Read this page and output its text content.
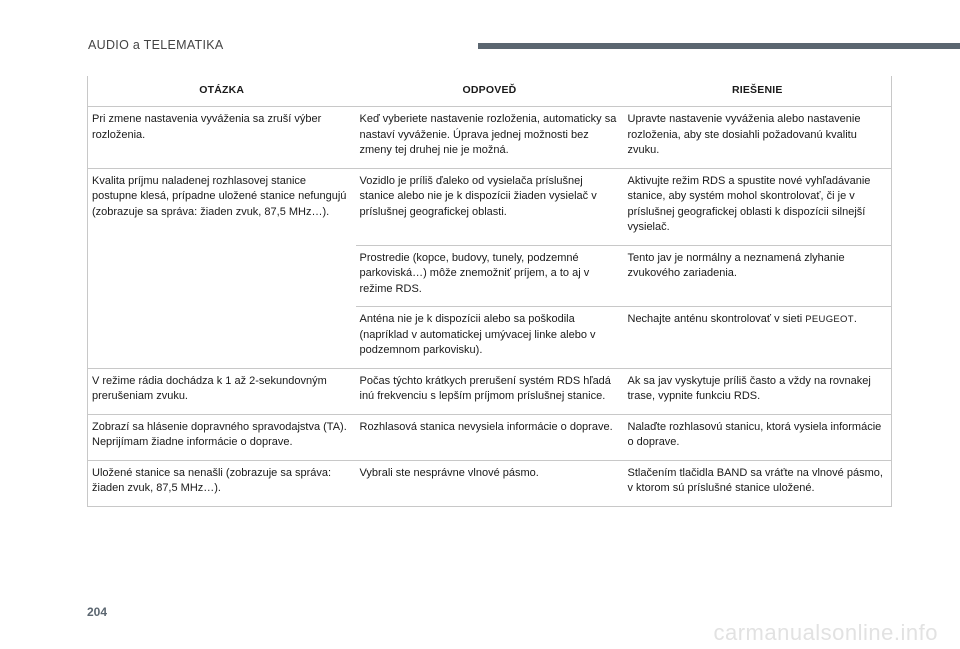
AUDIO a TELEMATIKA
OTÁZKA	ODPOVEĎ	RIEŠENIE
Pri zmene nastavenia vyváženia sa zruší výber rozloženia.	Keď vyberiete nastavenie rozloženia, automaticky sa nastaví vyváženie. Úprava jednej možnosti bez zmeny tej druhej nie je možná.	Upravte nastavenie vyváženia alebo nastavenie rozloženia, aby ste dosiahli požadovanú kvalitu zvuku.
Kvalita príjmu naladenej rozhlasovej stanice postupne klesá, prípadne uložené stanice nefungujú (zobrazuje sa správa: žiaden zvuk, 87,5 MHz…).	Vozidlo je príliš ďaleko od vysielača príslušnej stanice alebo nie je k dispozícii žiaden vysielač v príslušnej geografickej oblasti.	Aktivujte režim RDS a spustite nové vyhľadávanie stanice, aby systém mohol skontrolovať, či je v príslušnej geografickej oblasti k dispozícii silnejší vysielač.
	Prostredie (kopce, budovy, tunely, podzemné parkoviská…) môže znemožniť príjem, a to aj v režime RDS.	Tento jav je normálny a neznamená zlyhanie zvukového zariadenia.
	Anténa nie je k dispozícii alebo sa poškodila (napríklad v automatickej umývacej linke alebo v podzemnom parkovisku).	Nechajte anténu skontrolovať v sieti PEUGEOT.
V režime rádia dochádza k 1 až 2-sekundovným prerušeniam zvuku.	Počas týchto krátkych prerušení systém RDS hľadá inú frekvenciu s lepším príjmom príslušnej stanice.	Ak sa jav vyskytuje príliš často a vždy na rovnakej trase, vypnite funkciu RDS.
Zobrazí sa hlásenie dopravného spravodajstva (TA). Neprijímam žiadne informácie o doprave.	Rozhlasová stanica nevysiela informácie o doprave.	Nalaďte rozhlasovú stanicu, ktorá vysiela informácie o doprave.
Uložené stanice sa nenašli (zobrazuje sa správa: žiaden zvuk, 87,5 MHz…).	Vybrali ste nesprávne vlnové pásmo.	Stlačením tlačidla BAND sa vráťte na vlnové pásmo, v ktorom sú príslušné stanice uložené.
204
carmanualsonline.info
